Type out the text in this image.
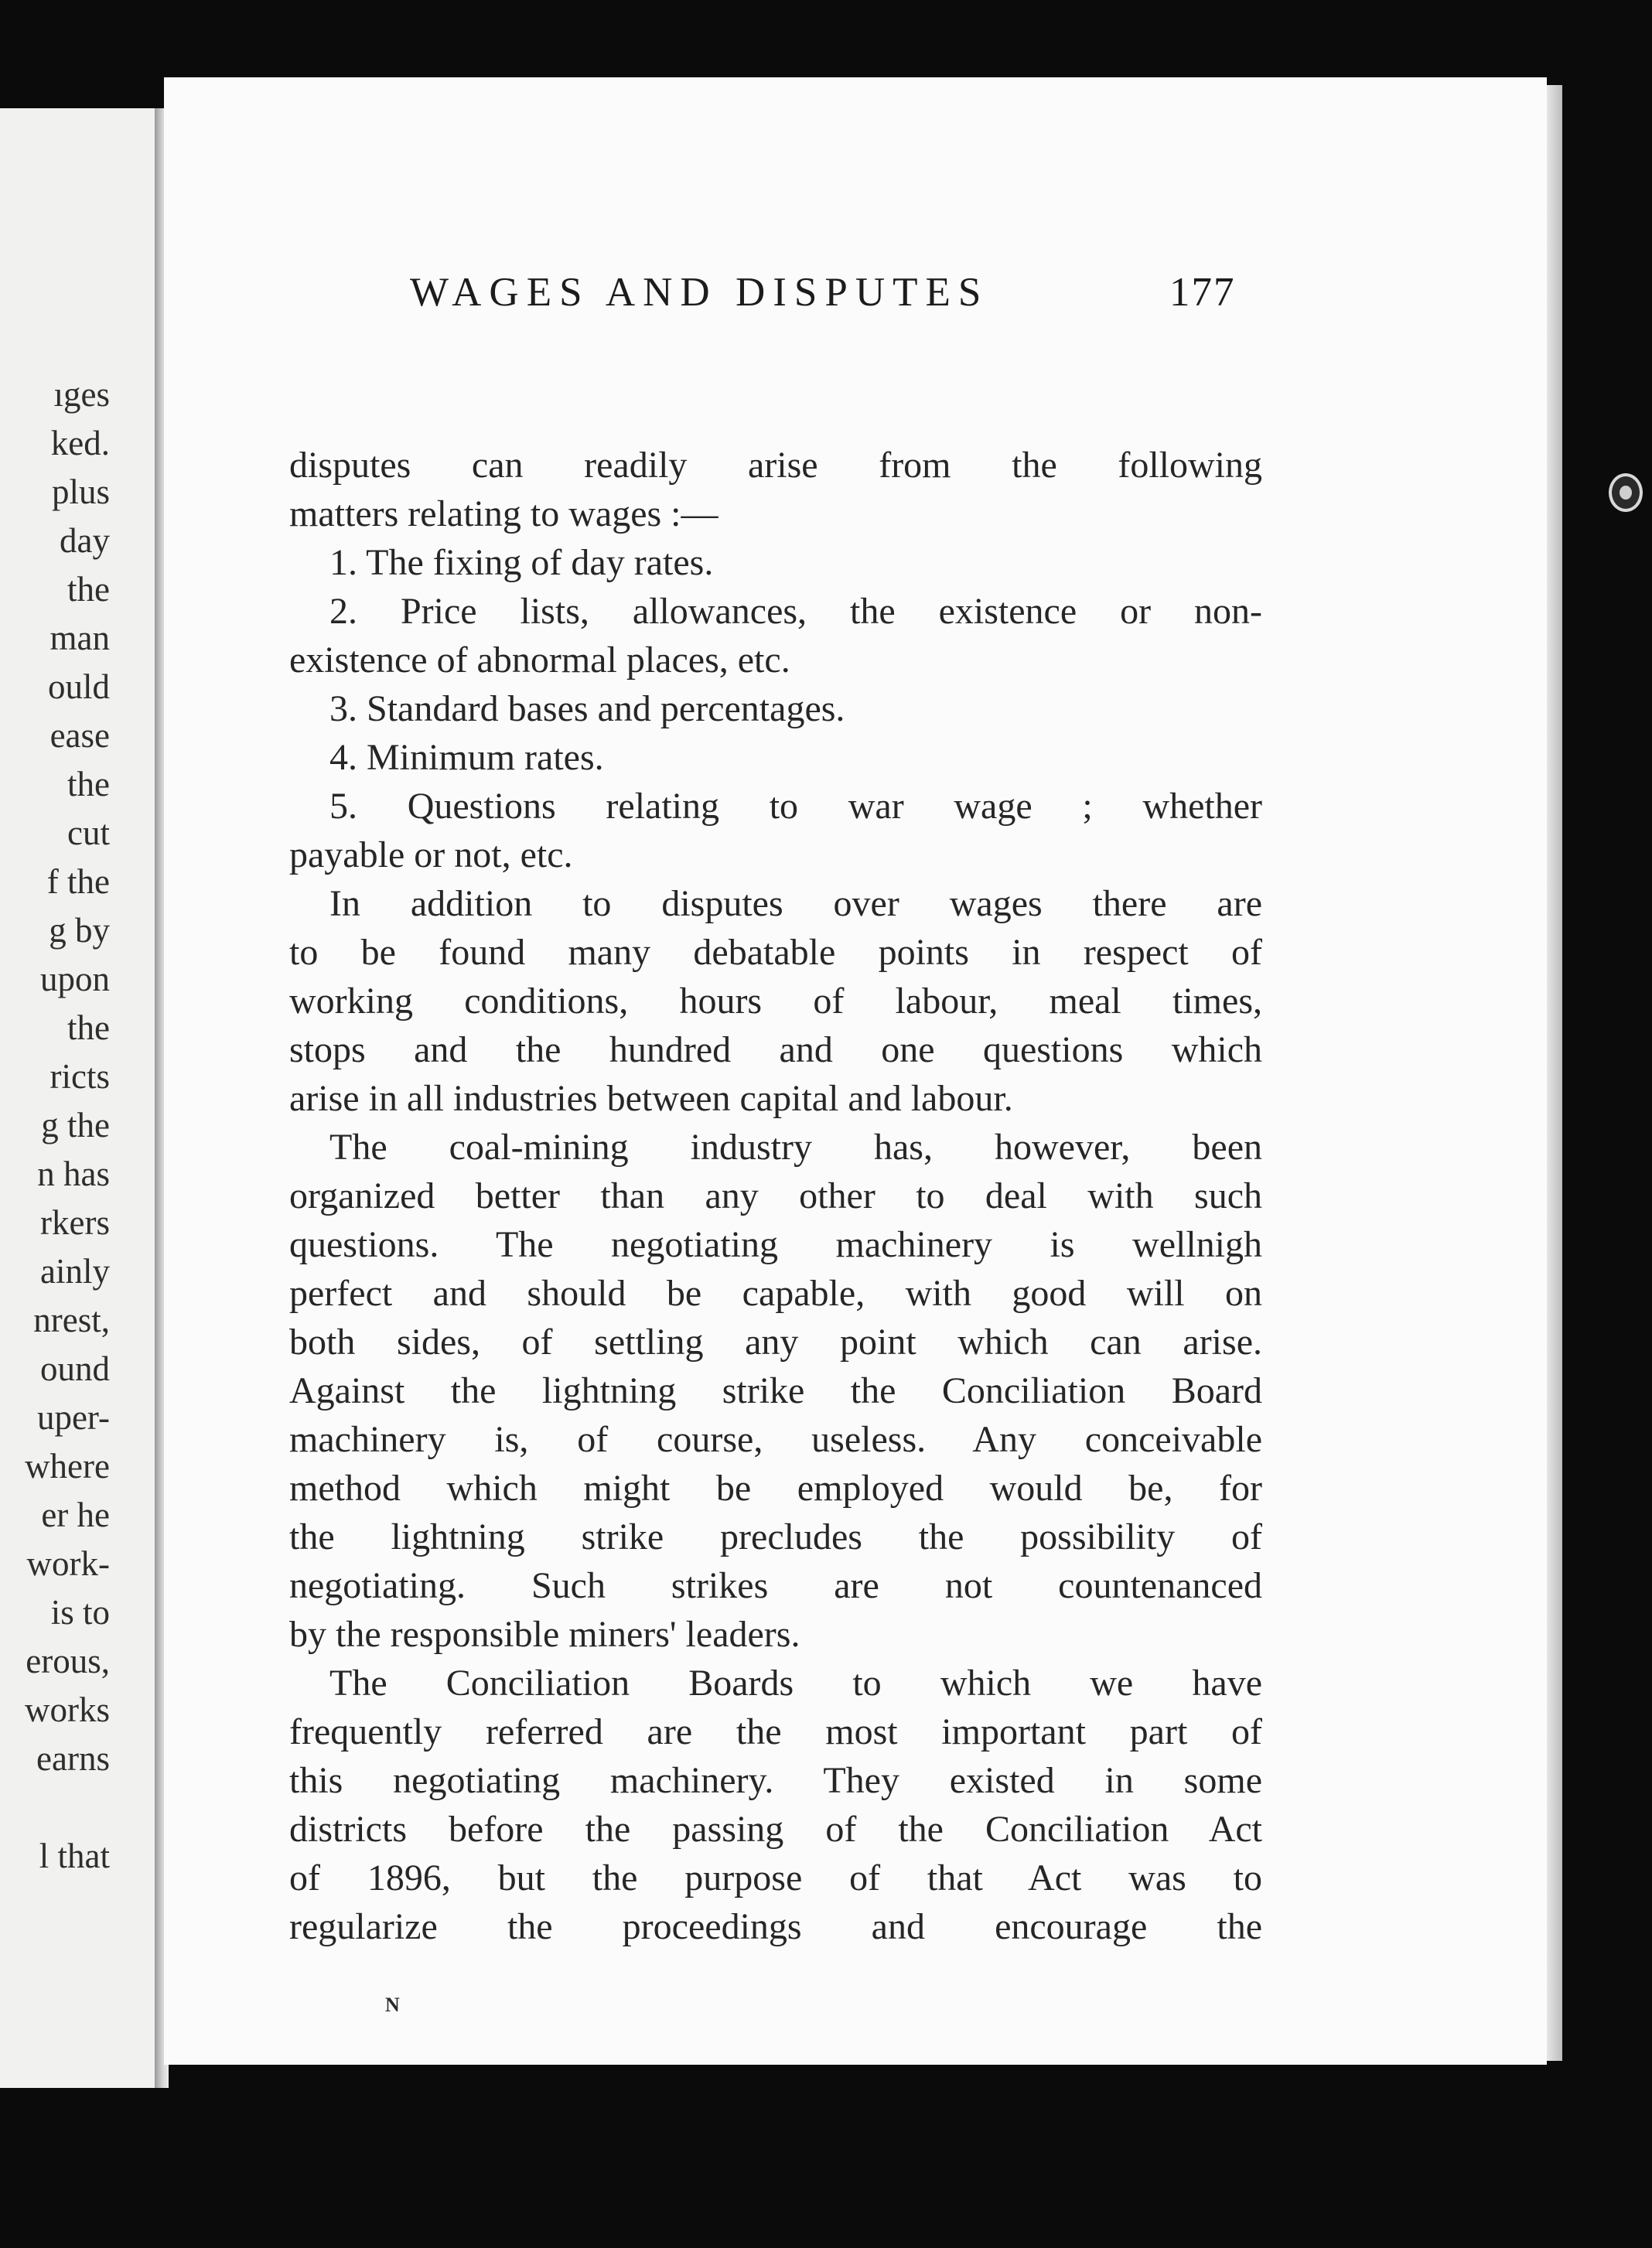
ıges
ked.
plus
day
the
man
ould
ease
the
cut
f the
g by
upon
the
ricts
g the
n has
rkers
ainly
nrest,
ound
uper-
where
er he
work-
is to
erous,
works
earns
l that
WAGES AND DISPUTES	177
disputes can readily arise from the following
matters relating to wages :—
1. The fixing of day rates.
2. Price lists, allowances, the existence or non-
existence of abnormal places, etc.
3. Standard bases and percentages.
4. Minimum rates.
5. Questions relating to war wage ; whether
payable or not, etc.
In addition to disputes over wages there are
to be found many debatable points in respect of
working conditions, hours of labour, meal times,
stops and the hundred and one questions which
arise in all industries between capital and labour.
The coal-mining industry has, however, been
organized better than any other to deal with such
questions. The negotiating machinery is wellnigh
perfect and should be capable, with good will on
both sides, of settling any point which can arise.
Against the lightning strike the Conciliation Board
machinery is, of course, useless. Any conceivable
method which might be employed would be, for
the lightning strike precludes the possibility of
negotiating. Such strikes are not countenanced
by the responsible miners' leaders.
The Conciliation Boards to which we have
frequently referred are the most important part of
this negotiating machinery. They existed in some
districts before the passing of the Conciliation Act
of 1896, but the purpose of that Act was to
regularize the proceedings and encourage the
N
